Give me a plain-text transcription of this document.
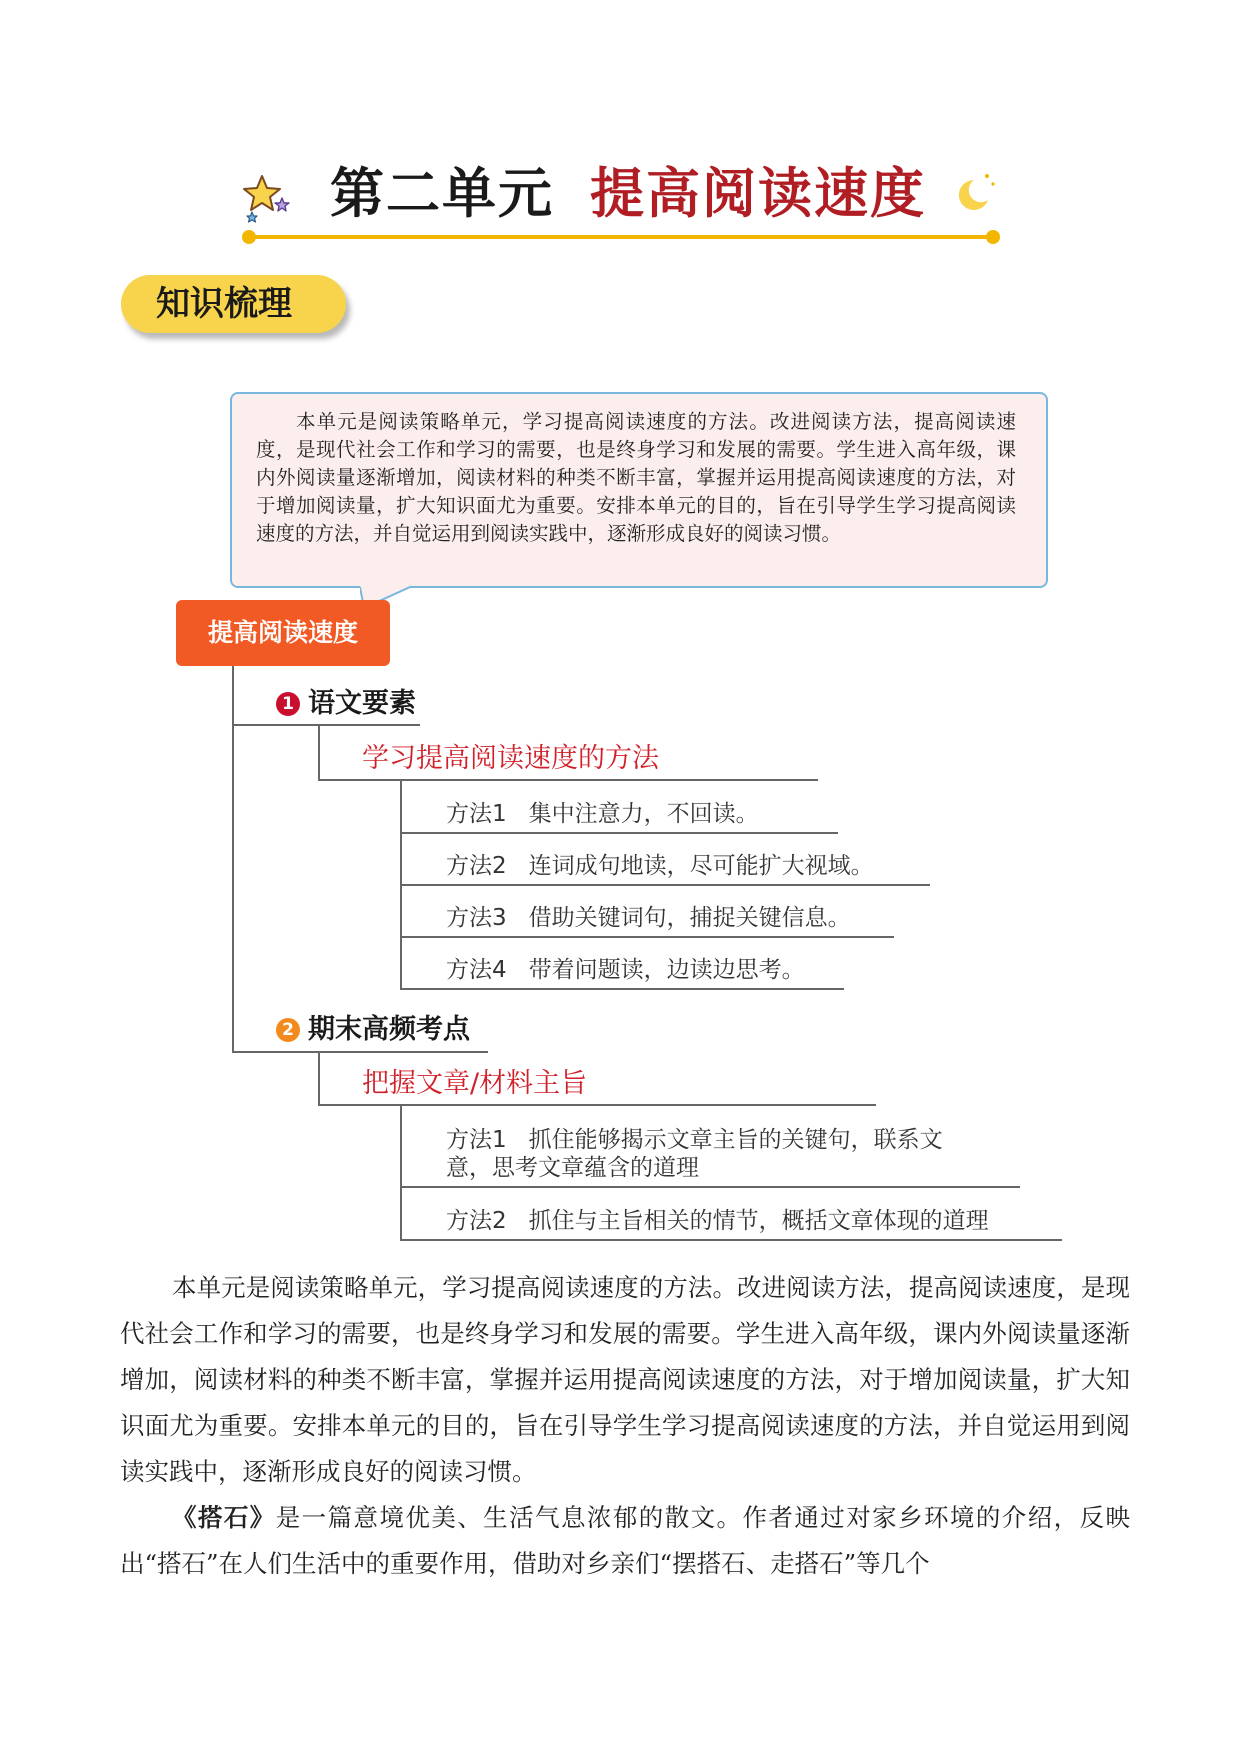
第二单元 提高阅读速度
知识梳理
本单元是阅读策略单元，学习提高阅读速度的方法。改进阅读方法，提高阅读速度，是现代社会工作和学习的需要，也是终身学习和发展的需要。学生进入高年级，课内外阅读量逐渐增加，阅读材料的种类不断丰富，掌握并运用提高阅读速度的方法，对于增加阅读量，扩大知识面尤为重要。安排本单元的目的，旨在引导学生学习提高阅读速度的方法，并自觉运用到阅读实践中，逐渐形成良好的阅读习惯。
提高阅读速度
1 语文要素
学习提高阅读速度的方法
方法1 集中注意力，不回读。
方法2 连词成句地读，尽可能扩大视域。
方法3 借助关键词句，捕捉关键信息。
方法4 带着问题读，边读边思考。
2 期末高频考点
把握文章/材料主旨
方法1 抓住能够揭示文章主旨的关键句，联系文
意，思考文章蕴含的道理
方法2 抓住与主旨相关的情节，概括文章体现的道理
本单元是阅读策略单元，学习提高阅读速度的方法。改进阅读方法，提高阅读速度，是现代社会工作和学习的需要，也是终身学习和发展的需要。学生进入高年级，课内外阅读量逐渐增加，阅读材料的种类不断丰富，掌握并运用提高阅读速度的方法，对于增加阅读量，扩大知识面尤为重要。安排本单元的目的，旨在引导学生学习提高阅读速度的方法，并自觉运用到阅读实践中，逐渐形成良好的阅读习惯。
《搭石》是一篇意境优美、生活气息浓郁的散文。作者通过对家乡环境的介绍，反映出“搭石”在人们生活中的重要作用，借助对乡亲们“摆搭石、走搭石”等几个
